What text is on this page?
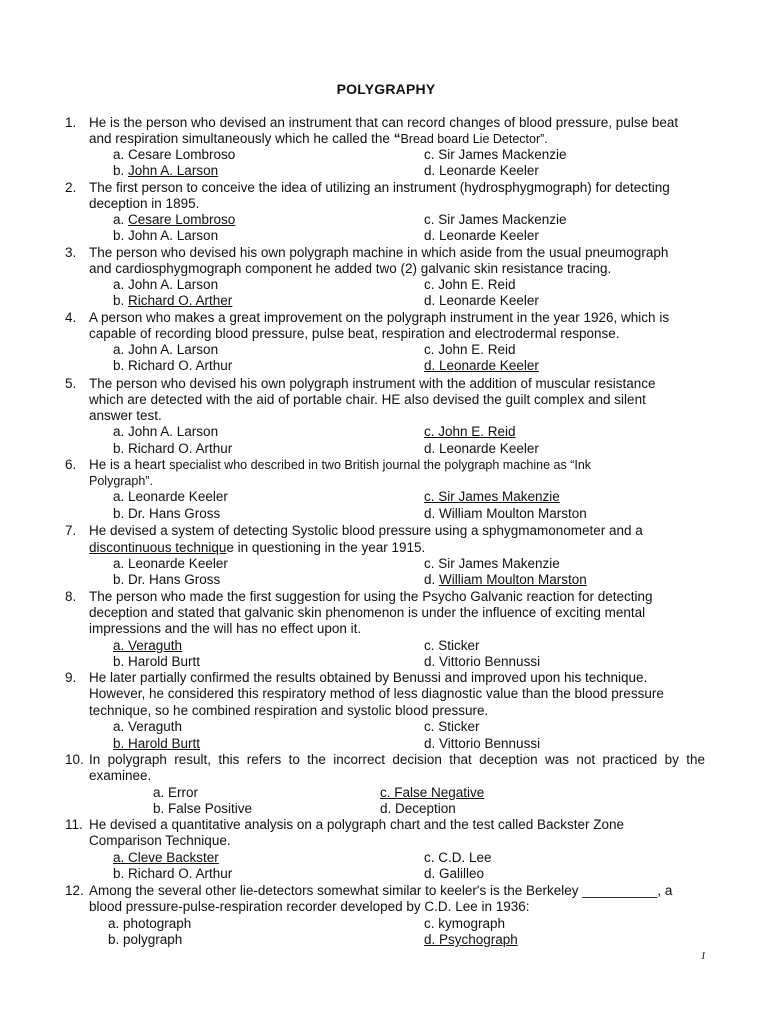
POLYGRAPHY
1. He is the person who devised an instrument that can record changes of blood pressure, pulse beat
and respiration simultaneously which he called the “Bread board Lie Detector”.
a. Cesare Lombroso	c. Sir James Mackenzie
b. John A. Larson	d. Leonarde Keeler
2. The first person to conceive the idea of utilizing an instrument (hydrosphygmograph) for detecting
deception in 1895.
a. Cesare Lombroso	c. Sir James Mackenzie
b. John A. Larson	d. Leonarde Keeler
3. The person who devised his own polygraph machine in which aside from the usual pneumograph
and cardiosphygmograph component he added two (2) galvanic skin resistance tracing.
a. John A. Larson	c. John E. Reid
b. Richard O. Arther	d. Leonarde Keeler
4. A person who makes a great improvement on the polygraph instrument in the year 1926, which is
capable of recording blood pressure, pulse beat, respiration and electrodermal response.
a. John A. Larson	c. John E. Reid
b. Richard O. Arthur	d. Leonarde Keeler
5. The person who devised his own polygraph instrument with the addition of muscular resistance
which are detected with the aid of portable chair. HE also devised the guilt complex and silent
answer test.
a. John A. Larson	c. John E. Reid
b. Richard O. Arthur	d. Leonarde Keeler
6. He is a heart specialist who described in two British journal the polygraph machine as “Ink
Polygraph”.
a. Leonarde Keeler	c. Sir James Makenzie
b. Dr. Hans Gross	d. William Moulton Marston
7. He devised a system of detecting Systolic blood pressure using a sphygmamonometer and a
discontinuous technique in questioning in the year 1915.
a. Leonarde Keeler	c. Sir James Makenzie
b. Dr. Hans Gross	d. William Moulton Marston
8. The person who made the first suggestion for using the Psycho Galvanic reaction for detecting
deception and stated that galvanic skin phenomenon is under the influence of exciting mental
impressions and the will has no effect upon it.
a. Veraguth	c. Sticker
b. Harold Burtt	d. Vittorio Bennussi
9. He later partially confirmed the results obtained by Benussi and improved upon his technique.
However, he considered this respiratory method of less diagnostic value than the blood pressure
technique, so he combined respiration and systolic blood pressure.
a. Veraguth	c. Sticker
b. Harold Burtt	d. Vittorio Bennussi
10. In polygraph result, this refers to the incorrect decision that deception was not practiced by the
examinee.
a. Error	c. False Negative
b. False Positive	d. Deception
11. He devised a quantitative analysis on a polygraph chart and the test called Backster Zone
Comparison Technique.
a. Cleve Backster	c. C.D. Lee
b. Richard O. Arthur	d. Galilleo
12. Among the several other lie-detectors somewhat similar to keeler's is the Berkeley __________, a
blood pressure-pulse-respiration recorder developed by C.D. Lee in 1936:
a. photograph	c. kymograph
b. polygraph	d. Psychograph
1
